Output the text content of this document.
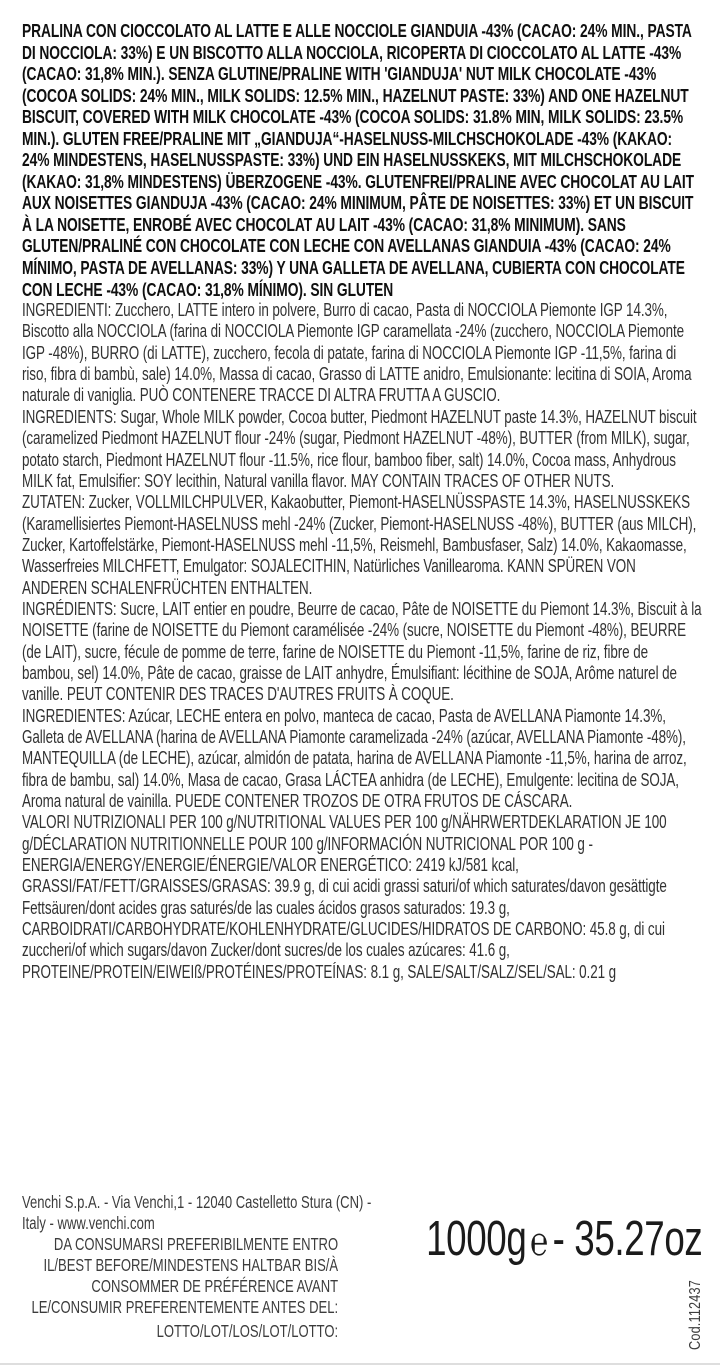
PRALINA CON CIOCCOLATO AL LATTE E ALLE NOCCIOLE GIANDUIA -43% (CACAO: 24% MIN., PASTA DI NOCCIOLA: 33%) E UN BISCOTTO ALLA NOCCIOLA, RICOPERTA DI CIOCCOLATO AL LATTE -43% (CACAO: 31,8% MIN.). SENZA GLUTINE/PRALINE WITH 'GIANDUJA' NUT MILK CHOCOLATE -43% (COCOA SOLIDS: 24% MIN., MILK SOLIDS: 12.5% MIN., HAZELNUT PASTE: 33%) AND ONE HAZELNUT BISCUIT, COVERED WITH MILK CHOCOLATE -43% (COCOA SOLIDS: 31.8% MIN, MILK SOLIDS: 23.5% MIN.). GLUTEN FREE/PRALINE MIT „GIANDUJA“-HASELNUSS-MILCHSCHOKOLADE -43% (KAKAO: 24% MINDESTENS, HASELNUSSPASTE: 33%) UND EIN HASELNUSSKEKS, MIT MILCHSCHOKOLADE (KAKAO: 31,8% MINDESTENS) ÜBERZOGENE -43%. GLUTENFREI/PRALINE AVEC CHOCOLAT AU LAIT AUX NOISETTES GIANDUJA -43% (CACAO: 24% MINIMUM, PÂTE DE NOISETTES: 33%) ET UN BISCUIT À LA NOISETTE, ENROBÉ AVEC CHOCOLAT AU LAIT -43% (CACAO: 31,8% MINIMUM). SANS GLUTEN/PRALINÉ CON CHOCOLATE CON LECHE CON AVELLANAS GIANDUIA -43% (CACAO: 24% MÍNIMO, PASTA DE AVELLANAS: 33%) Y UNA GALLETA DE AVELLANA, CUBIERTA CON CHOCOLATE CON LECHE -43% (CACAO: 31,8% MÍNIMO). SIN GLUTEN

INGREDIENTI: Zucchero, LATTE intero in polvere, Burro di cacao, Pasta di NOCCIOLA Piemonte IGP 14.3%, Biscotto alla NOCCIOLA (farina di NOCCIOLA Piemonte IGP caramellata -24% (zucchero, NOCCIOLA Piemonte IGP -48%), BURRO (di LATTE), zucchero, fecola di patate, farina di NOCCIOLA Piemonte IGP -11,5%, farina di riso, fibra di bambù, sale) 14.0%, Massa di cacao, Grasso di LATTE anidro, Emulsionante: lecitina di SOIA, Aroma naturale di vaniglia. PUÒ CONTENERE TRACCE DI ALTRA FRUTTA A GUSCIO.

INGREDIENTS: Sugar, Whole MILK powder, Cocoa butter, Piedmont HAZELNUT paste 14.3%, HAZELNUT biscuit (caramelized Piedmont HAZELNUT flour -24% (sugar, Piedmont HAZELNUT -48%), BUTTER (from MILK), sugar, potato starch, Piedmont HAZELNUT flour -11.5%, rice flour, bamboo fiber, salt) 14.0%, Cocoa mass, Anhydrous MILK fat, Emulsifier: SOY lecithin, Natural vanilla flavor. MAY CONTAIN TRACES OF OTHER NUTS.

ZUTATEN: Zucker, VOLLMILCHPULVER, Kakaobutter, Piemont-HASELNÜSSPASTE 14.3%, HASELNUSSKEKS (Karamellisiertes Piemont-HASELNUSS mehl -24% (Zucker, Piemont-HASELNUSS -48%), BUTTER (aus MILCH), Zucker, Kartoffelstärke, Piemont-HASELNUSS mehl -11,5%, Reismehl, Bambusfaser, Salz) 14.0%, Kakaomasse, Wasserfreies MILCHFETT, Emulgator: SOJALECITHIN, Natürliches Vanillearoma. KANN SPÜREN VON ANDEREN SCHALENFRÜCHTEN ENTHALTEN.

INGRÉDIENTS: Sucre, LAIT entier en poudre, Beurre de cacao, Pâte de NOISETTE du Piemont 14.3%, Biscuit à la NOISETTE (farine de NOISETTE du Piemont caramélisée -24% (sucre, NOISETTE du Piemont -48%), BEURRE (de LAIT), sucre, fécule de pomme de terre, farine de NOISETTE du Piemont -11,5%, farine de riz, fibre de bambou, sel) 14.0%, Pâte de cacao, graisse de LAIT anhydre, Émulsifiant: lécithine de SOJA, Arôme naturel de vanille. PEUT CONTENIR DES TRACES D'AUTRES FRUITS À COQUE.

INGREDIENTES: Azúcar, LECHE entera en polvo, manteca de cacao, Pasta de AVELLANA Piamonte 14.3%, Galleta de AVELLANA (harina de AVELLANA Piamonte caramelizada -24% (azúcar, AVELLANA Piamonte -48%), MANTEQUILLA (de LECHE), azúcar, almidón de patata, harina de AVELLANA Piamonte -11,5%, harina de arroz, fibra de bambu, sal) 14.0%, Masa de cacao, Grasa LÁCTEA anhidra (de LECHE), Emulgente: lecitina de SOJA, Aroma natural de vainilla. PUEDE CONTENER TROZOS DE OTRA FRUTOS DE CÁSCARA.

VALORI NUTRIZIONALI PER 100 g/NUTRITIONAL VALUES PER 100 g/NÄHRWERTDEKLARATION JE 100 g/DÉCLARATION NUTRITIONNELLE POUR 100 g/INFORMACIÓN NUTRICIONAL POR 100 g - ENERGIA/ENERGY/ENERGIE/ÉNERGIE/VALOR ENERGÉTICO: 2419 kJ/581 kcal, GRASSI/FAT/FETT/GRAISSES/GRASAS: 39.9 g, di cui acidi grassi saturi/of which saturates/davon gesättigte Fettsäuren/dont acides gras saturés/de las cuales ácidos grasos saturados: 19.3 g, CARBOIDRATI/CARBOHYDRATE/KOHLENHYDRATE/GLUCIDES/HIDRATOS DE CARBONO: 45.8 g, di cui zuccheri/of which sugars/davon Zucker/dont sucres/de los cuales azúcares: 41.6 g, PROTEINE/PROTEIN/EIWEIß/PROTÉINES/PROTEÍNAS: 8.1 g, SALE/SALT/SALZ/SEL/SAL: 0.21 g

Venchi S.p.A. - Via Venchi,1 - 12040 Castelletto Stura (CN) - Italy - www.venchi.com

DA CONSUMARSI PREFERIBILMENTE ENTRO IL/BEST BEFORE/MINDESTENS HALTBAR BIS/À CONSOMMER DE PRÉFÉRENCE AVANT LE/CONSUMIR PREFERENTEMENTE ANTES DEL:

LOTTO/LOT/LOS/LOT/LOTTO:

1000g℮- 35.27oz
Cod.112437
